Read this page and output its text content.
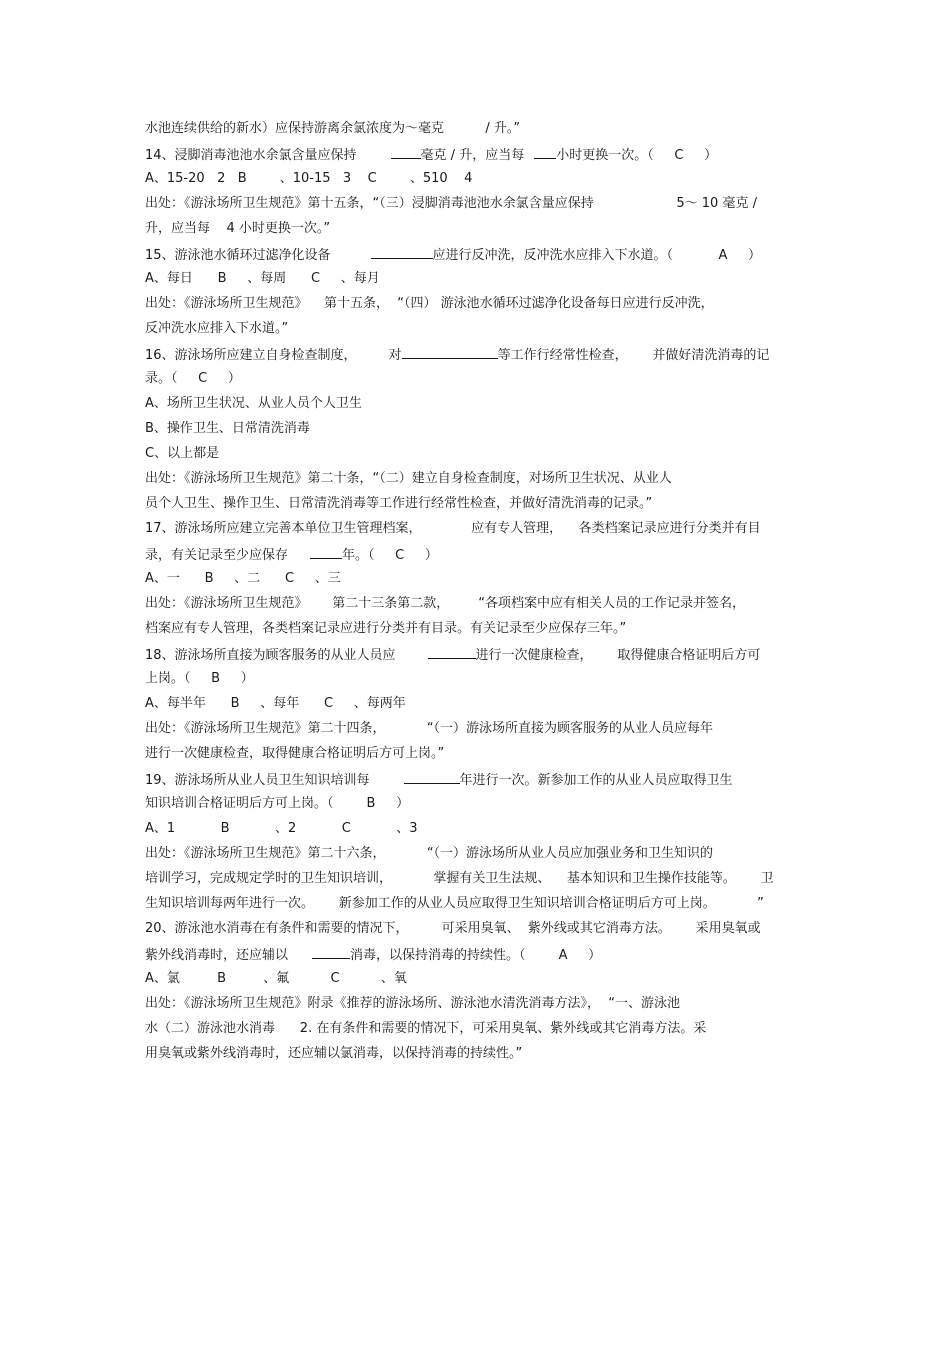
水池连续供给的新水）应保持游离余氯浓度为～毫克          / 升。”
14、浸脚消毒池池水余氯含量应保持	毫克 / 升，应当每 小时更换一次。（     C     ）
A、15-20   2   B        、10-15   3    C        、510    4
出处：《游泳场所卫生规范》第十五条，“（三）浸脚消毒池池水余氯含量应保持                    5～ 10 毫克 /
升，应当每    4 小时更换一次。”
15、游泳池水循环过滤净化设备	应进行反冲洗，反冲洗水应排入下水道。（           A     ）
A、每日      B     、每周      C     、每月
出处：《游泳场所卫生规范》    第十五条，  “（四） 游泳池水循环过滤净化设备每日应进行反冲洗，
反冲洗水应排入下水道。”
16、游泳场所应建立自身检查制度， 对	等工作行经常性检查，      并做好清洗消毒的记
录。（     C     ）
A、场所卫生状况、从业人员个人卫生
B、操作卫生、日常清洗消毒
C、以上都是
出处：《游泳场所卫生规范》第二十条，“（二）建立自身检查制度，对场所卫生状况、从业人
员个人卫生、操作卫生、日常清洗消毒等工作进行经常性检查，并做好清洗消毒的记录。”
17、游泳场所应建立完善本单位卫生管理档案，            应有专人管理，    各类档案记录应进行分类并有目
录，有关记录至少应保存	年。（     C     ）
A、一      B     、二      C     、三
出处：《游泳场所卫生规范》      第二十三条第二款，       “各项档案中应有相关人员的工作记录并签名，
档案应有专人管理，各类档案记录应进行分类并有目录。有关记录至少应保存三年。”
18、游泳场所直接为顾客服务的从业人员应	进行一次健康检查，      取得健康合格证明后方可
上岗。（     B     ）
A、每半年      B     、每年      C     、每两年
出处：《游泳场所卫生规范》第二十四条，          “（一）游泳场所直接为顾客服务的从业人员应每年
进行一次健康检查，取得健康合格证明后方可上岗。”
19、游泳场所从业人员卫生知识培训每	年进行一次。新参加工作的从业人员应取得卫生
知识培训合格证明后方可上岗。（        B     ）
A、1           B           、2           C           、3
出处：《游泳场所卫生规范》第二十六条，          “（一）游泳场所从业人员应加强业务和卫生知识的
培训学习，完成规定学时的卫生知识培训，          掌握有关卫生法规、    基本知识和卫生操作技能等。      卫
生知识培训每两年进行一次。      新参加工作的从业人员应取得卫生知识培训合格证明后方可上岗。          ”
20、游泳池水消毒在有条件和需要的情况下，        可采用臭氧、  紫外线或其它消毒方法。      采用臭氧或
紫外线消毒时，还应辅以	消毒，以保持消毒的持续性。（        A     ）
A、氯         B         、氟          C          、氧
出处：《游泳场所卫生规范》附录《推荐的游泳场所、游泳池水清洗消毒方法》，  “一、游泳池
水（二）游泳池水消毒      2. 在有条件和需要的情况下，可采用臭氧、紫外线或其它消毒方法。采
用臭氧或紫外线消毒时，还应辅以氯消毒，以保持消毒的持续性。”
